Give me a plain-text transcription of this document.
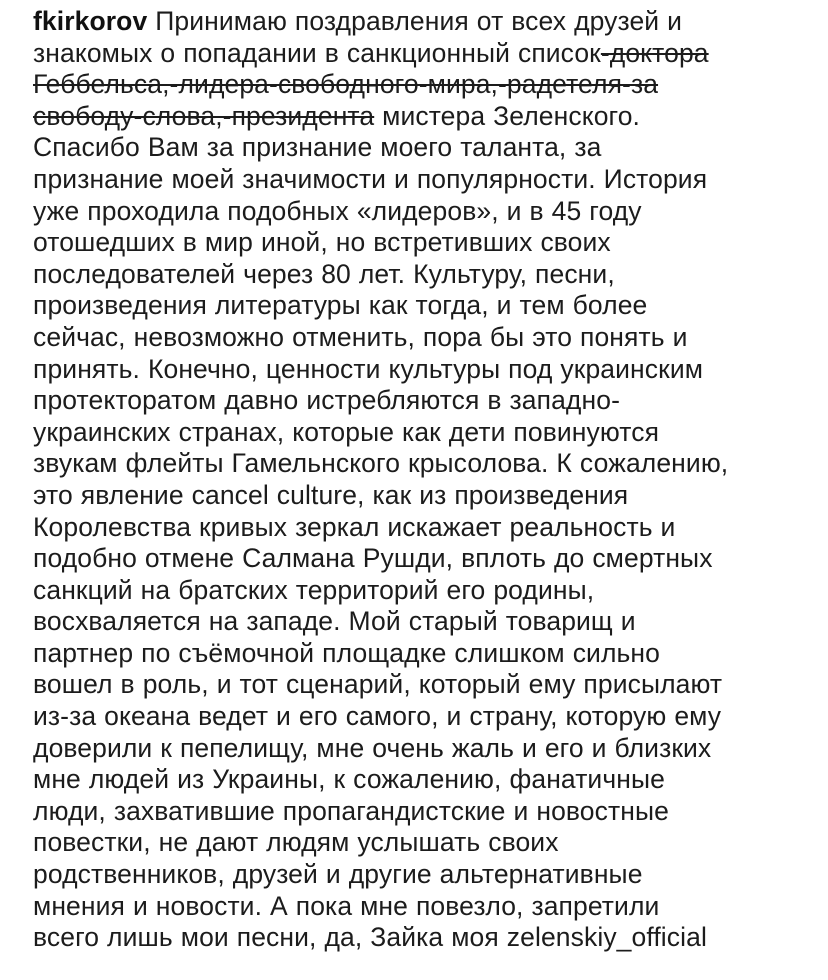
fkirkorov Принимаю поздравления от всех друзей и
знакомых о попадании в санкционный список-доктора
Геббельса,-лидера-свободного-мира,-радетеля-за
свободу-слова,-президента мистера Зеленского.
Спасибо Вам за признание моего таланта, за
признание моей значимости и популярности. История
уже проходила подобных «лидеров», и в 45 году
отошедших в мир иной, но встретивших своих
последователей через 80 лет. Культуру, песни,
произведения литературы как тогда, и тем более
сейчас, невозможно отменить, пора бы это понять и
принять. Конечно, ценности культуры под украинским
протекторатом давно истребляются в западно-
украинских странах, которые как дети повинуются
звукам флейты Гамельнского крысолова. К сожалению,
это явление cancel culture, как из произведения
Королевства кривых зеркал искажает реальность и
подобно отмене Салмана Рушди, вплоть до смертных
санкций на братских территорий его родины,
восхваляется на западе. Мой старый товарищ и
партнер по съёмочной площадке слишком сильно
вошел в роль, и тот сценарий, который ему присылают
из-за океана ведет и его самого, и страну, которую ему
доверили к пепелищу, мне очень жаль и его и близких
мне людей из Украины, к сожалению, фанатичные
люди, захватившие пропагандистские и новостные
повестки, не дают людям услышать своих
родственников, друзей и другие альтернативные
мнения и новости. А пока мне повезло, запретили
всего лишь мои песни, да, Зайка моя zelenskiy_official
